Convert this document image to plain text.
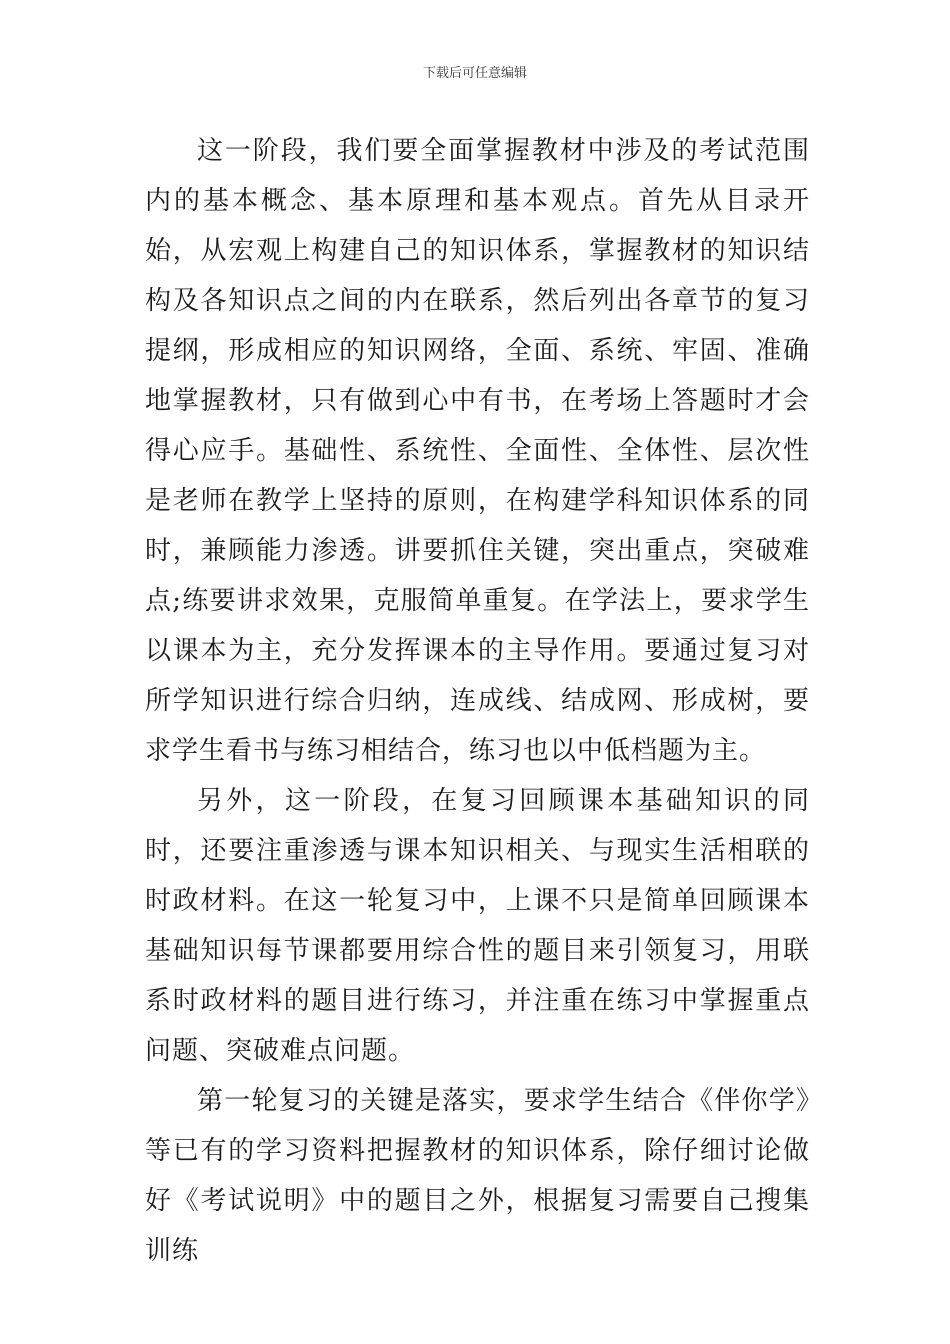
下载后可任意编辑

这一阶段，我们要全面掌握教材中涉及的考试范围内的基本概念、基本原理和基本观点。首先从目录开始，从宏观上构建自己的知识体系，掌握教材的知识结构及各知识点之间的内在联系，然后列出各章节的复习提纲，形成相应的知识网络，全面、系统、牢固、准确地掌握教材，只有做到心中有书，在考场上答题时才会得心应手。基础性、系统性、全面性、全体性、层次性是老师在教学上坚持的原则，在构建学科知识体系的同时，兼顾能力渗透。讲要抓住关键，突出重点，突破难点;练要讲求效果，克服简单重复。在学法上，要求学生以课本为主，充分发挥课本的主导作用。要通过复习对所学知识进行综合归纳，连成线、结成网、形成树，要求学生看书与练习相结合，练习也以中低档题为主。

另外，这一阶段，在复习回顾课本基础知识的同时，还要注重渗透与课本知识相关、与现实生活相联的时政材料。在这一轮复习中，上课不只是简单回顾课本基础知识每节课都要用综合性的题目来引领复习，用联系时政材料的题目进行练习，并注重在练习中掌握重点问题、突破难点问题。

第一轮复习的关键是落实，要求学生结合《伴你学》等已有的学习资料把握教材的知识体系，除仔细讨论做好《考试说明》中的题目之外，根据复习需要自己搜集训练
